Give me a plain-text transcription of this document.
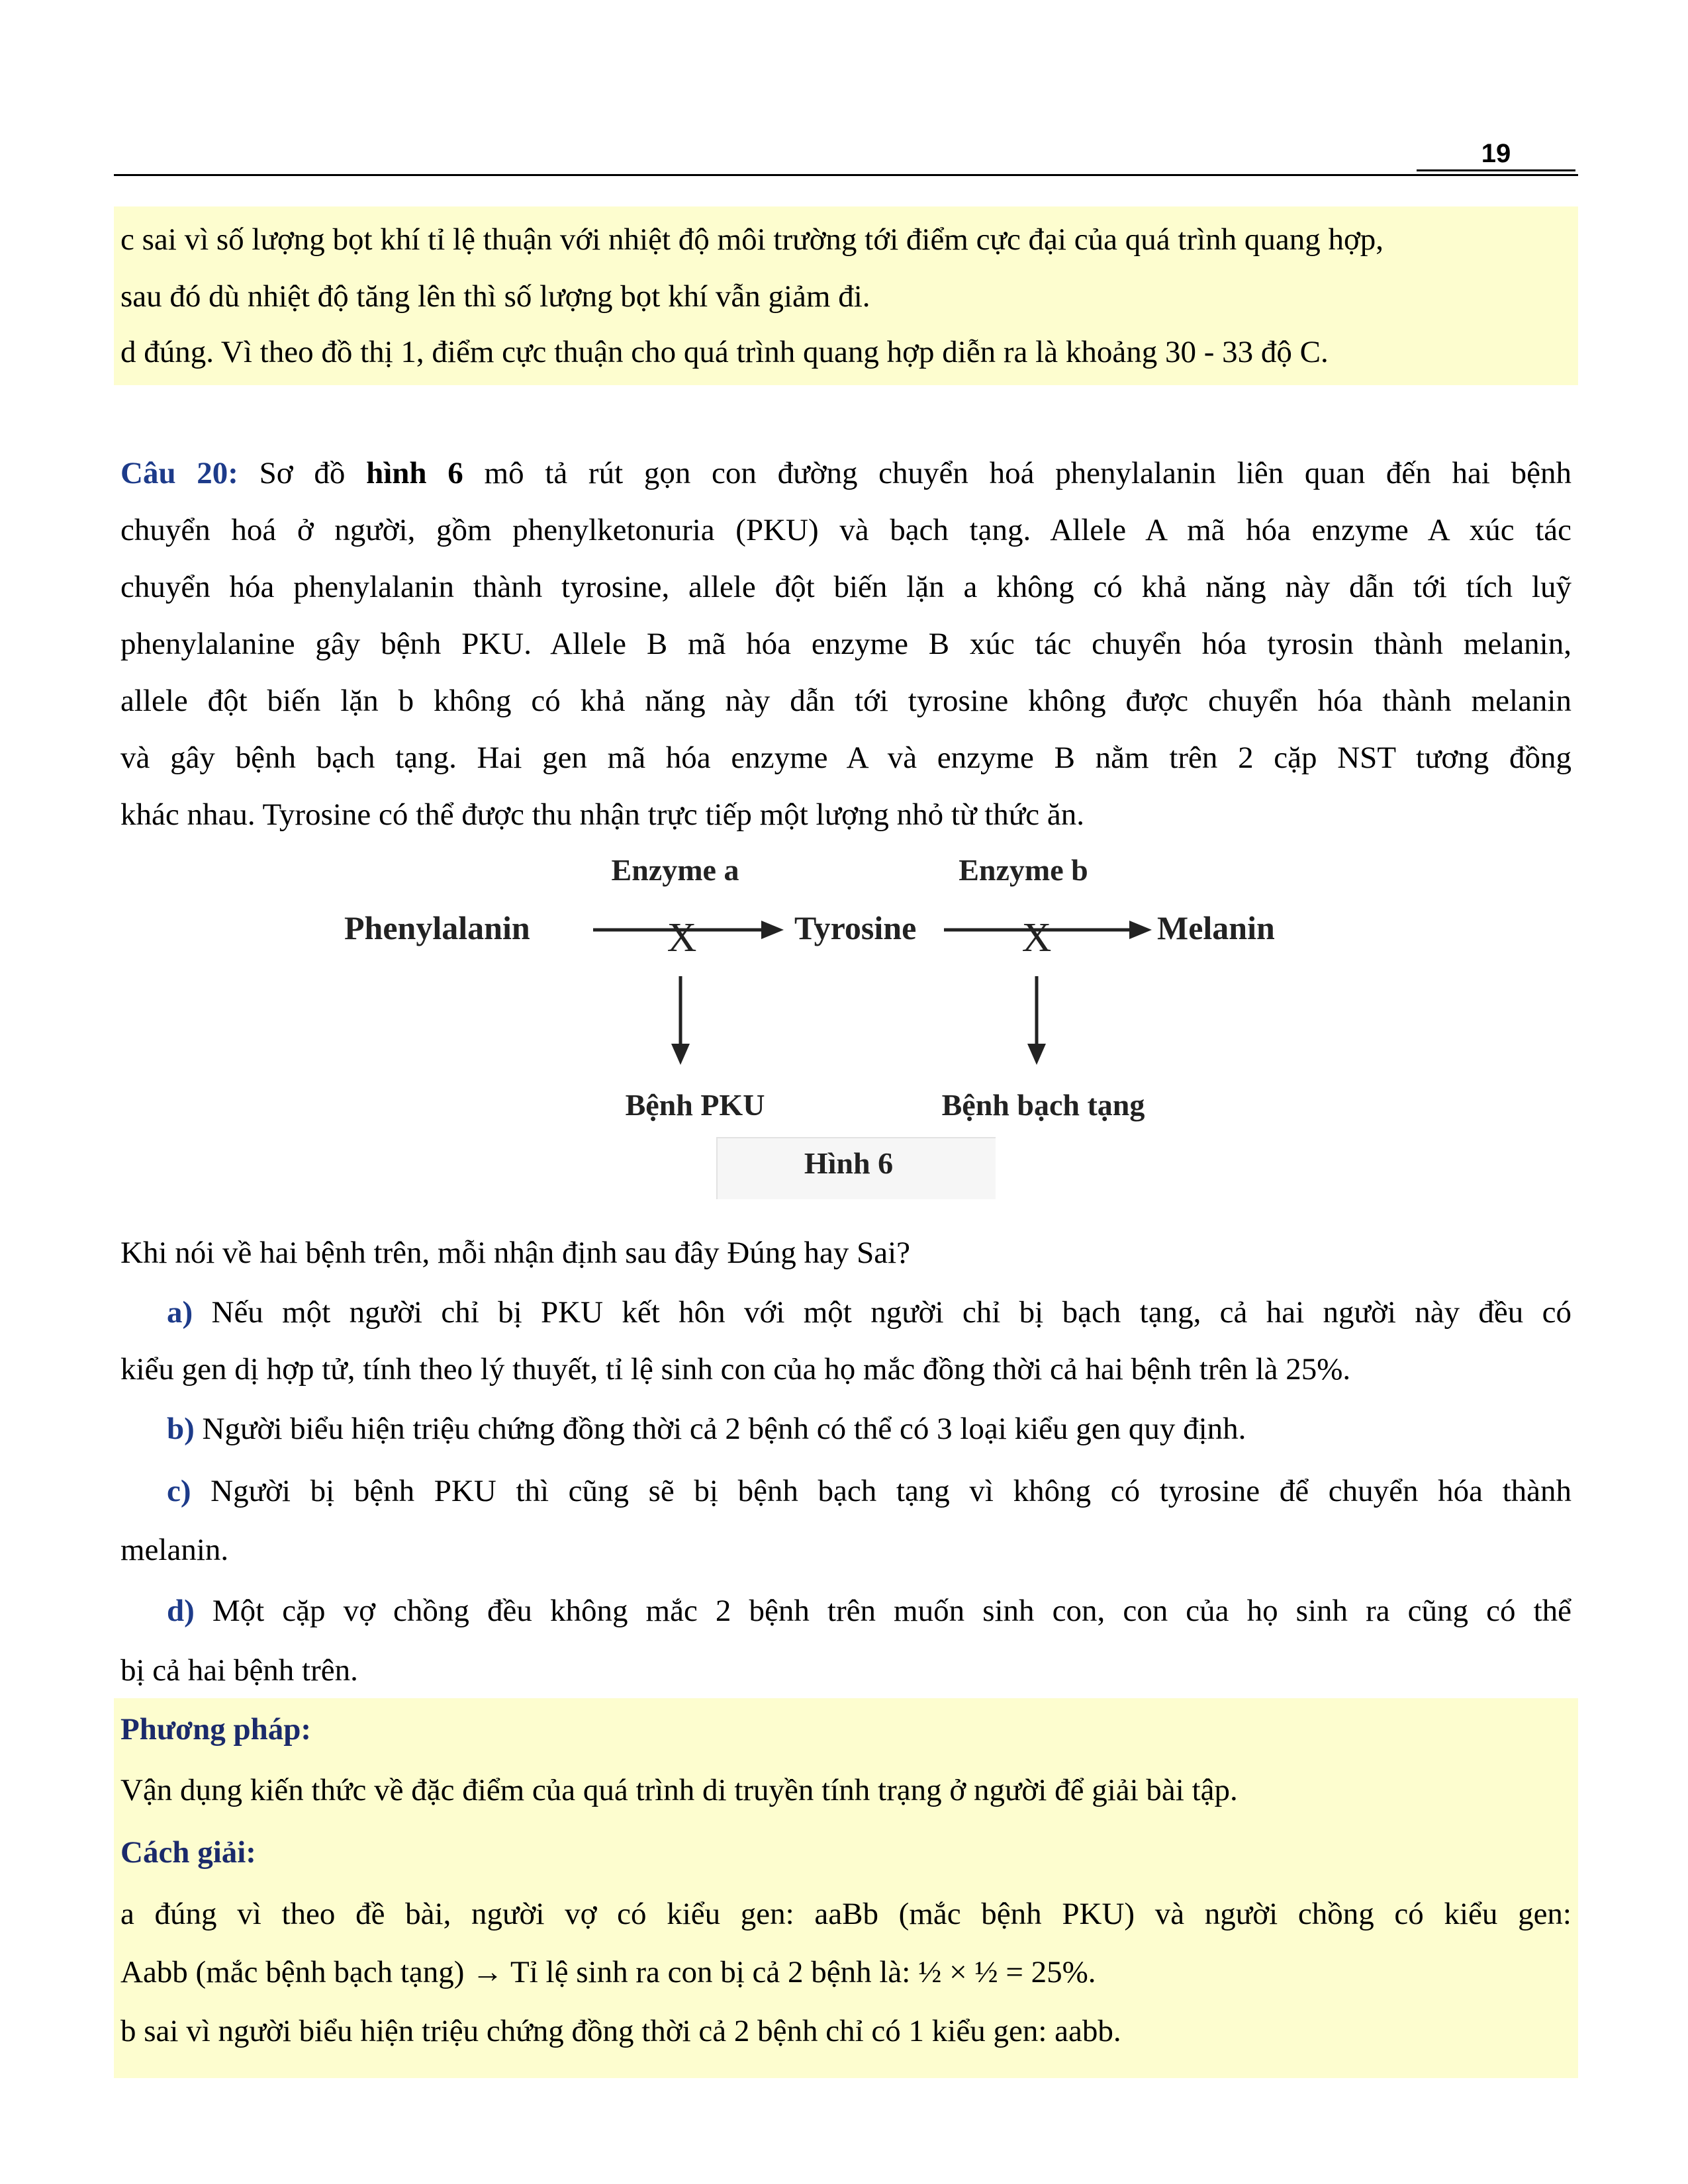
19

c sai vì số lượng bọt khí tỉ lệ thuận với nhiệt độ môi trường tới điểm cực đại của quá trình quang hợp,

sau đó dù nhiệt độ tăng lên thì số lượng bọt khí vẫn giảm đi.

d đúng. Vì theo đồ thị 1, điểm cực thuận cho quá trình quang hợp diễn ra là khoảng 30 - 33 độ C.

Câu 20: Sơ đồ hình 6 mô tả rút gọn con đường chuyển hoá phenylalanin liên quan đến hai bệnh

chuyển hoá ở người, gồm phenylketonuria (PKU) và bạch tạng. Allele A mã hóa enzyme A xúc tác

chuyển hóa phenylalanin thành tyrosine, allele đột biến lặn a không có khả năng này dẫn tới tích luỹ

phenylalanine gây bệnh PKU. Allele B mã hóa enzyme B xúc tác chuyển hóa tyrosin thành melanin,

allele đột biến lặn b không có khả năng này dẫn tới tyrosine không được chuyển hóa thành melanin

và gây bệnh bạch tạng. Hai gen mã hóa enzyme A và enzyme B nằm trên 2 cặp NST tương đồng

khác nhau. Tyrosine có thể được thu nhận trực tiếp một lượng nhỏ từ thức ăn.

Enzyme a	Enzyme b
Phenylalanin	Tyrosine	Melanin
X	X
Bệnh PKU	Bệnh bạch tạng
Hình 6

Khi nói về hai bệnh trên, mỗi nhận định sau đây Đúng hay Sai?

a) Nếu một người chỉ bị PKU kết hôn với một người chỉ bị bạch tạng, cả hai người này đều có

kiểu gen dị hợp tử, tính theo lý thuyết, tỉ lệ sinh con của họ mắc đồng thời cả hai bệnh trên là 25%.

b) Người biểu hiện triệu chứng đồng thời cả 2 bệnh có thể có 3 loại kiểu gen quy định.

c) Người bị bệnh PKU thì cũng sẽ bị bệnh bạch tạng vì không có tyrosine để chuyển hóa thành

melanin.

d) Một cặp vợ chồng đều không mắc 2 bệnh trên muốn sinh con, con của họ sinh ra cũng có thể

bị cả hai bệnh trên.

Phương pháp:

Vận dụng kiến thức về đặc điểm của quá trình di truyền tính trạng ở người để giải bài tập.

Cách giải:

a đúng vì theo đề bài, người vợ có kiểu gen: aaBb (mắc bệnh PKU) và người chồng có kiểu gen:

Aabb (mắc bệnh bạch tạng) → Tỉ lệ sinh ra con bị cả 2 bệnh là: ½ × ½ = 25%.

b sai vì người biểu hiện triệu chứng đồng thời cả 2 bệnh chỉ có 1 kiểu gen: aabb.
